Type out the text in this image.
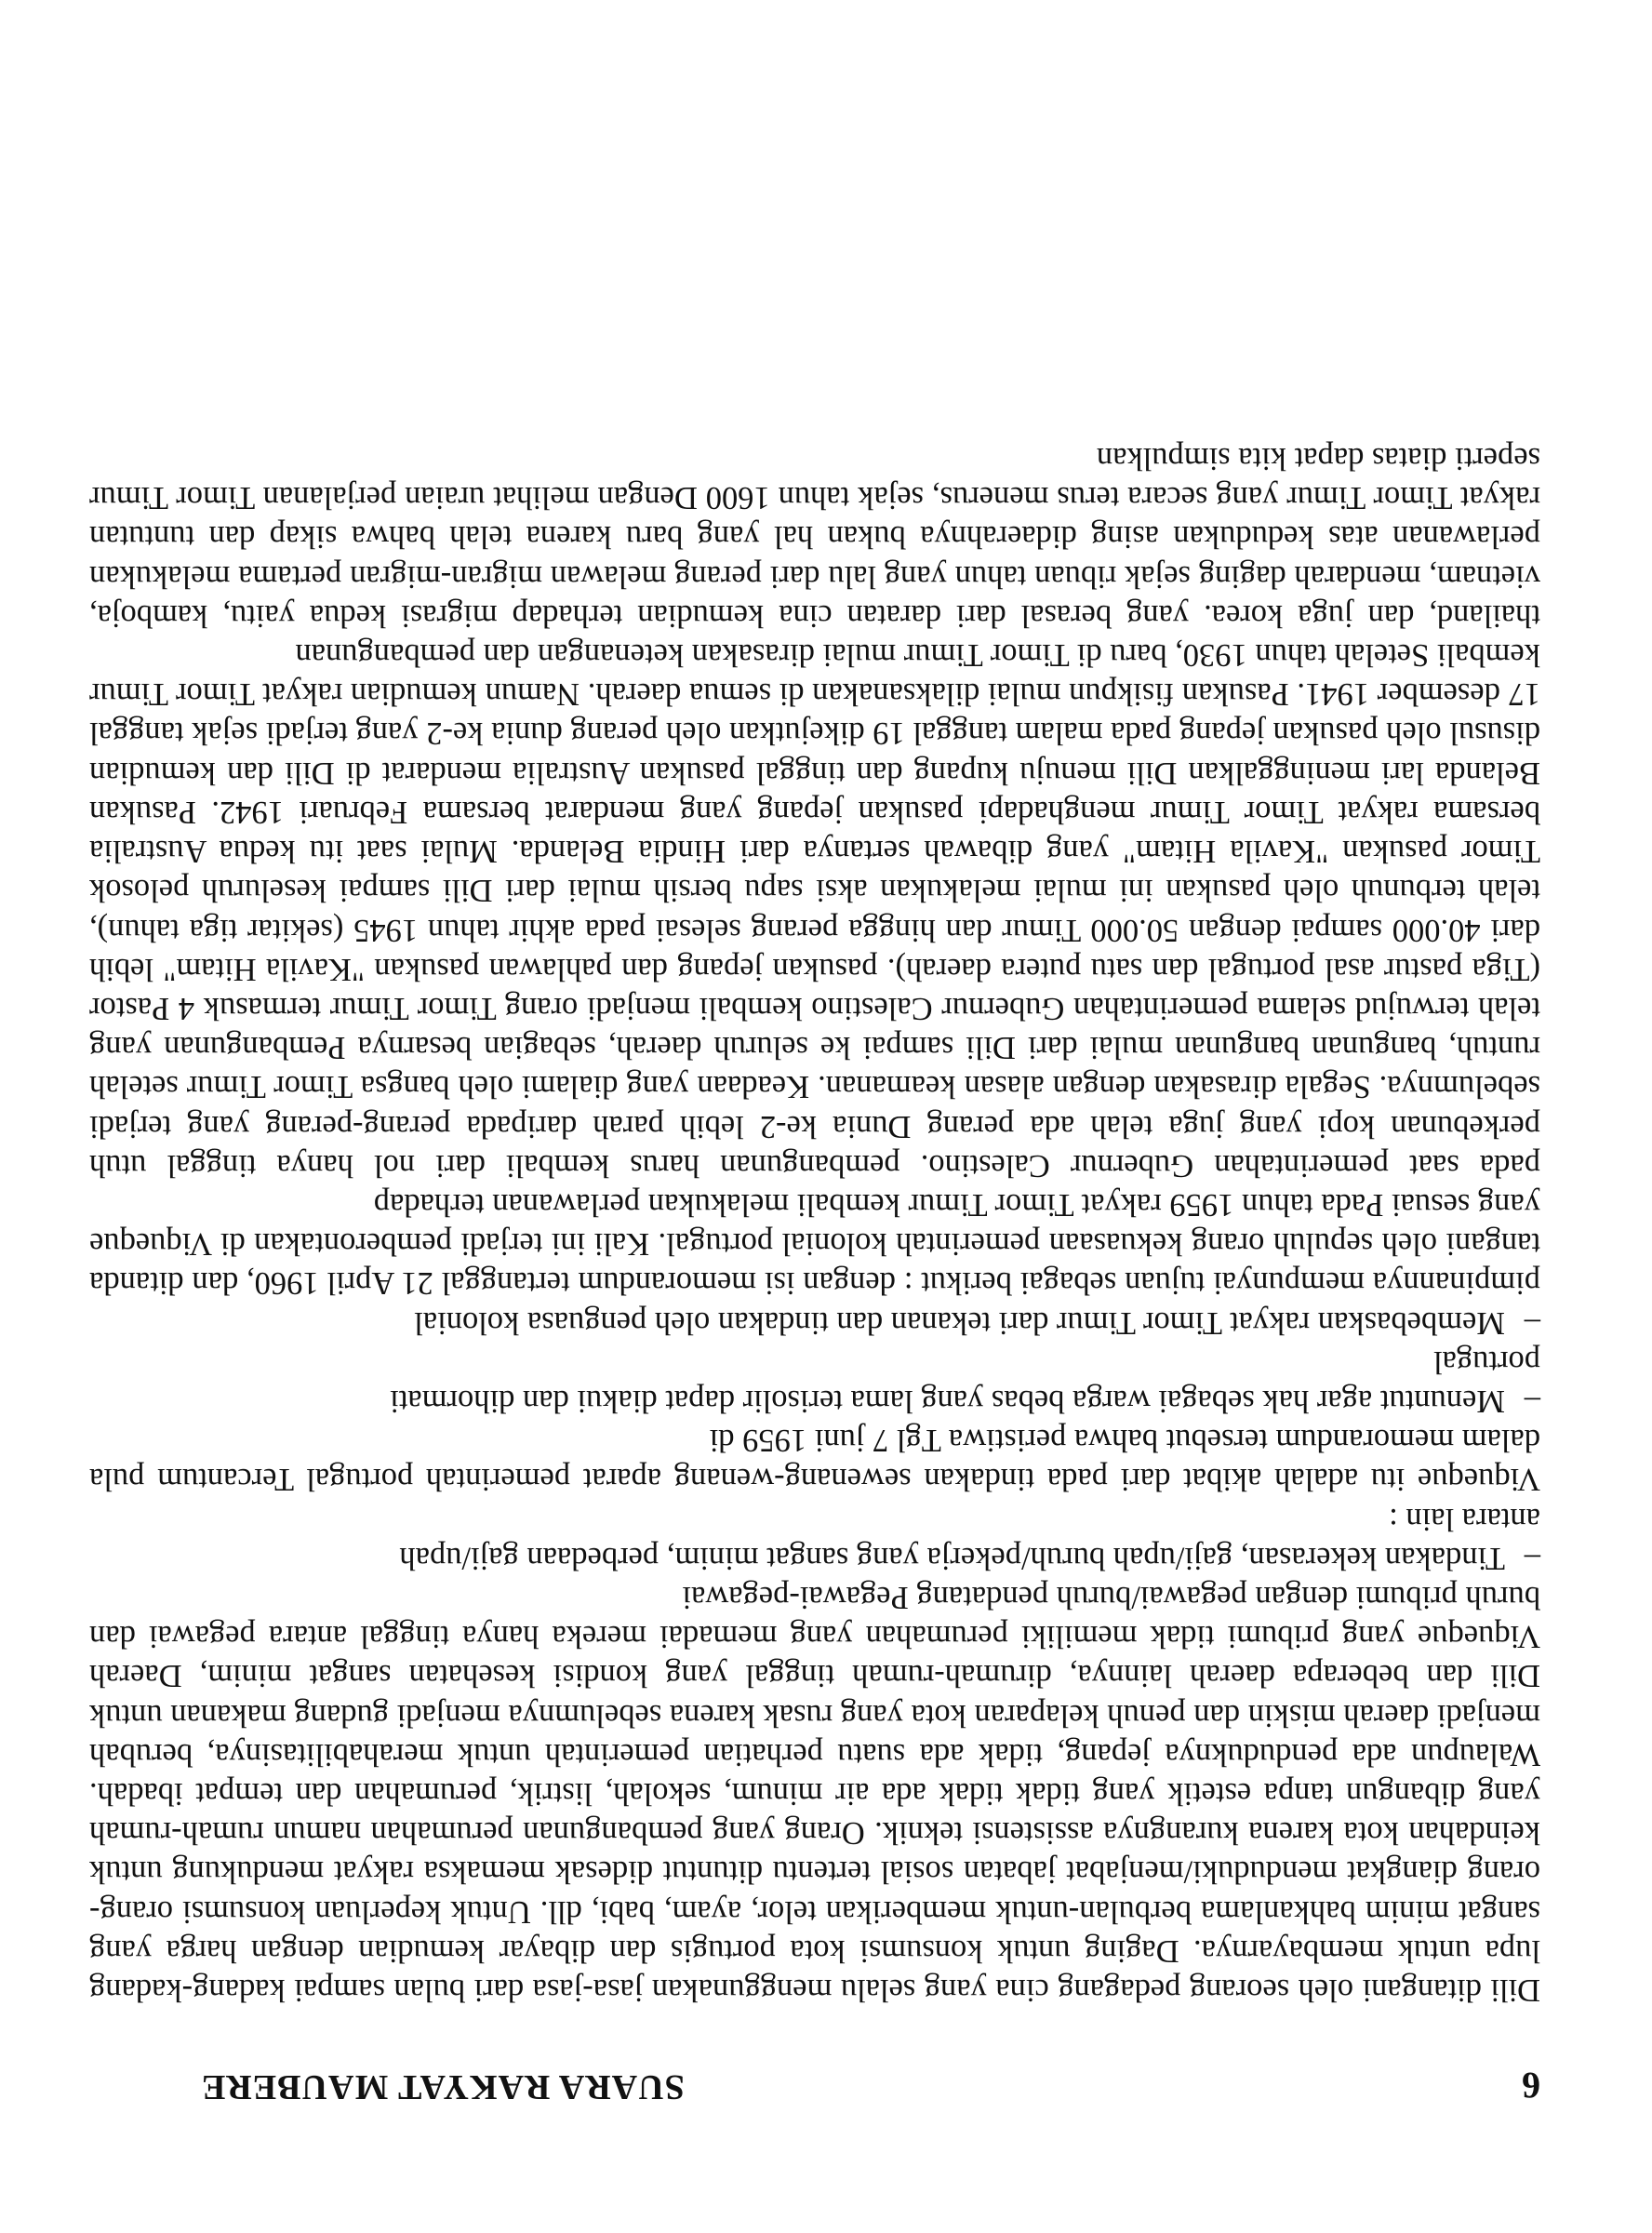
6
SUARA RAKYAT MAUBERE

Dili ditangani oleh seorang pedagang cina yang selalu menggunakan jasa-jasa dari bulan sampai kadang-kadang lupa untuk membayarnya. Daging untuk konsumsi kota portugis dan dibayar kemudian dengan harga yang sangat minim bahkanlama berbulan-untuk memberikan telor, ayam, babi, dll. Untuk keperluan konsumsi orang-orang diangkat menduduki/menjabat jabatan sosial tertentu dituntut didesak memaksa rakyat mendukung untuk keindahan kota karena kurangnya assistensi teknik. Orang yang pembangunan perumahan namun rumah-rumah yang dibangun tanpa estetik yang tidak tidak ada air minum, sekolah, listrik, perumahan dan tempat ibadah. Walaupun ada penduduknya jepang, tidak ada suatu perhatian pemerintah untuk merahabilitasinya, berubah menjadi daerah miskin dan penuh kelaparan kota yang rusak karena sebelumnya menjadi gudang makanan untuk Dili dan beberapa daerah lainnya, dirumah-rumah tinggal yang kondisi kesehatan sangat minim, Daerah Viqueque yang pribumi tidak memiliki perumahan yang memadai mereka hanya tinggal antara pegawai dan buruh pribumi dengan pegawai/buruh pendatang Pegawai-pegawai

–Tindakan kekerasan, gaji/upah buruh/pekerja yang sangat minim, perbedaan gaji/upah

antara lain :

Viqueque itu adalah akibat dari pada tindakan sewenang-wenang aparat pemerintah portugal Tercantum pula dalam memorandum tersebut bahwa peristiwa Tgl 7 juni 1959 di

–Menuntut agar hak sebagai warga bebas yang lama terisolir dapat diakui dan dihormati

portugal

–Membebaskan rakyat Timor Timur dari tekanan dan tindakan oleh penguasa kolonial

pimpinannya mempunyai tujuan sebagai berikut : dengan isi memorandum tertanggal 21 April 1960, dan ditanda tangani oleh sepuluh orang kekuasaan pemerintah kolonial portugal. Kali ini terjadi pemberontakan di Viqueque yang sesuai Pada tahun 1959 rakyat Timor Timur kembali melakukan perlawanan terhadap

pada saat pemerintahan Gubernur Calestino. pembangunan harus kembali dari nol hanya tinggal utuh perkebunan kopi yang juga telah ada perang Dunia ke-2 lebih parah daripada perang-perang yang terjadi sebelumnya. Segala dirasakan dengan alasan keamanan. Keadaan yang dialami oleh bangsa Timor Timur setelah runtuh, bangunan bangunan mulai dari Dili sampai ke seluruh daerah, sebagian besarnya Pembangunan yang telah terwujud selama pemerintahan Gubernur Calestino kembali menjadi orang Timor Timur termasuk 4 Pastor (Tiga pastur asal portugal dan satu putera daerah). pasukan jepang dan pahlawan pasukan "Kavila Hitam" lebih dari 40.000 sampai dengan 50.000 Timur dan hingga perang selesai pada akhir tahun 1945 (sekitar tiga tahun), telah terbunuh oleh pasukan ini mulai melakukan aksi sapu bersih mulai dari Dili sampai keseluruh pelosok Timor pasukan "Kavila Hitam" yang dibawah sertanya dari Hindia Belanda. Mulai saat itu kedua Australia bersama rakyat Timor Timur menghadapi pasukan jepang yang mendarat bersama Februari 1942. Pasukan Belanda lari meninggalkan Dili menuju kupang dan tinggal pasukan Australia mendarat di Dili dan kemudian disusul oleh pasukan jepang pada malam tanggal 19 dikejutkan oleh perang dunia ke-2 yang terjadi sejak tanggal 17 desember 1941. Pasukan fisikpun mulai dilaksanakan di semua daerah. Namun kemudian rakyat Timor Timur kembali Setelah tahun 1930, baru di Timor Timur mulai dirasakan ketenangan dan pembangunan

thailand, dan juga korea. yang berasal dari daratan cina kemudian terhadap migrasi kedua yaitu, kamboja, vietnam, mendarah daging sejak ribuan tahun yang lalu dari perang melawan migran-migran pertama melakukan perlawanan atas kedudukan asing didaerahnya bukan hal yang baru karena telah bahwa sikap dan tuntutan rakyat Timor Timur yang secara terus menerus, sejak tahun 1600 Dengan melihat uraian perjalanan Timor Timur seperti diatas dapat kita simpulkan
